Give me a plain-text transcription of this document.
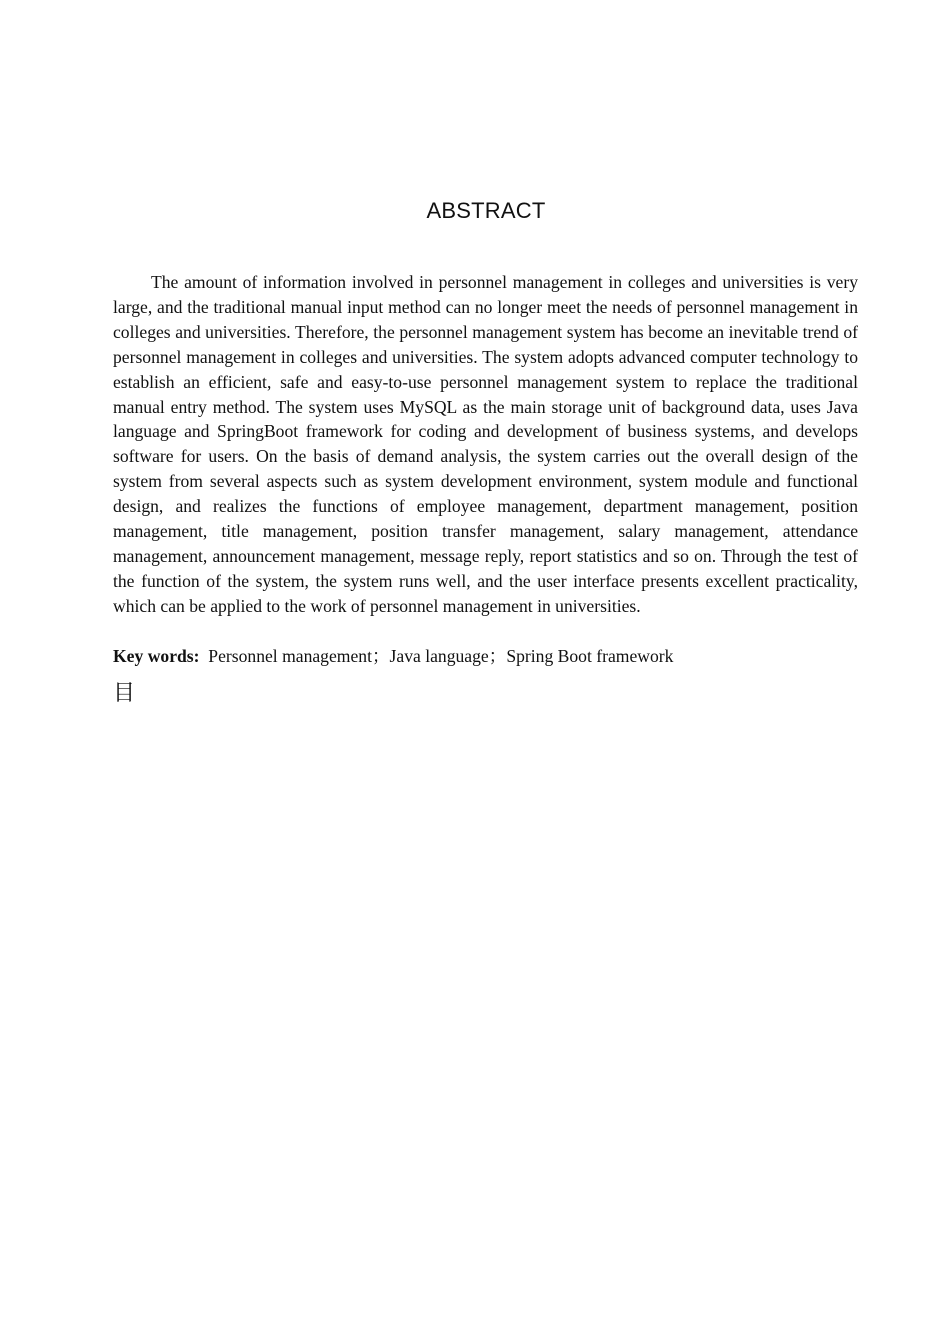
ABSTRACT

The amount of information involved in personnel management in colleges and universities is very large, and the traditional manual input method can no longer meet the needs of personnel management in colleges and universities. Therefore, the personnel management system has become an inevitable trend of personnel management in colleges and universities. The system adopts advanced computer technology to establish an efficient, safe and easy-to-use personnel management system to replace the traditional manual entry method. The system uses MySQL as the main storage unit of background data, uses Java language and SpringBoot framework for coding and development of business systems, and develops software for users. On the basis of demand analysis, the system carries out the overall design of the system from several aspects such as system development environment, system module and functional design, and realizes the functions of employee management, department management, position management, title management, position transfer management, salary management, attendance management, announcement management, message reply, report statistics and so on. Through the test of the function of the system, the system runs well, and the user interface presents excellent practicality, which can be applied to the work of personnel management in universities.

Key words: Personnel management；Java language；Spring Boot framework

目
